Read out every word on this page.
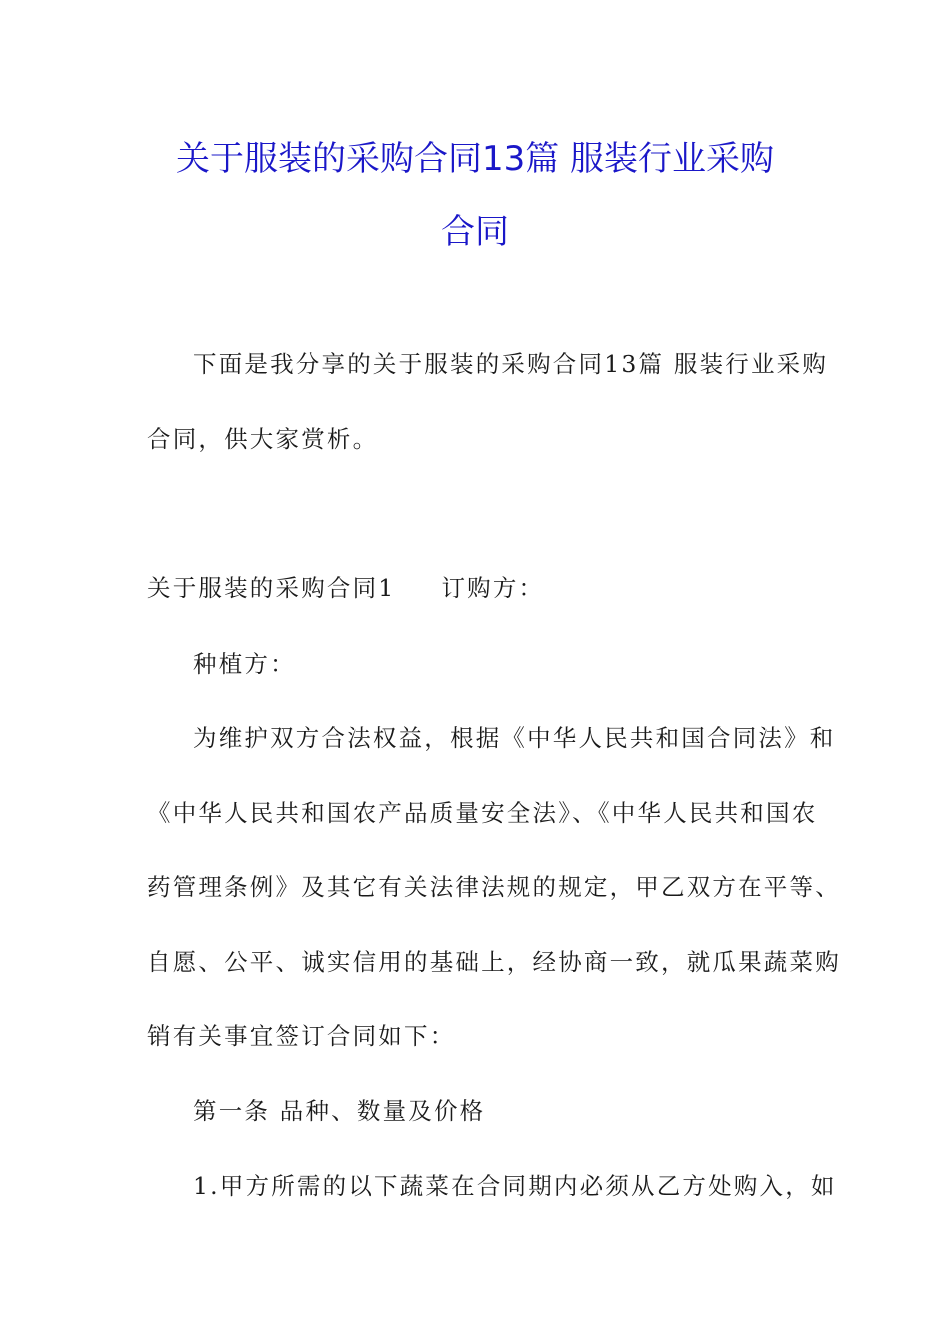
关于服装的采购合同13篇 服装行业采购
合同
下面是我分享的关于服装的采购合同13篇 服装行业采购
合同，供大家赏析。
关于服装的采购合同1 订购方：
种植方：
为维护双方合法权益，根据《中华人民共和国合同法》和
《中华人民共和国农产品质量安全法》、《中华人民共和国农
药管理条例》及其它有关法律法规的规定，甲乙双方在平等、
自愿、公平、诚实信用的基础上，经协商一致，就瓜果蔬菜购
销有关事宜签订合同如下：
第一条 品种、数量及价格
1.甲方所需的以下蔬菜在合同期内必须从乙方处购入，如
